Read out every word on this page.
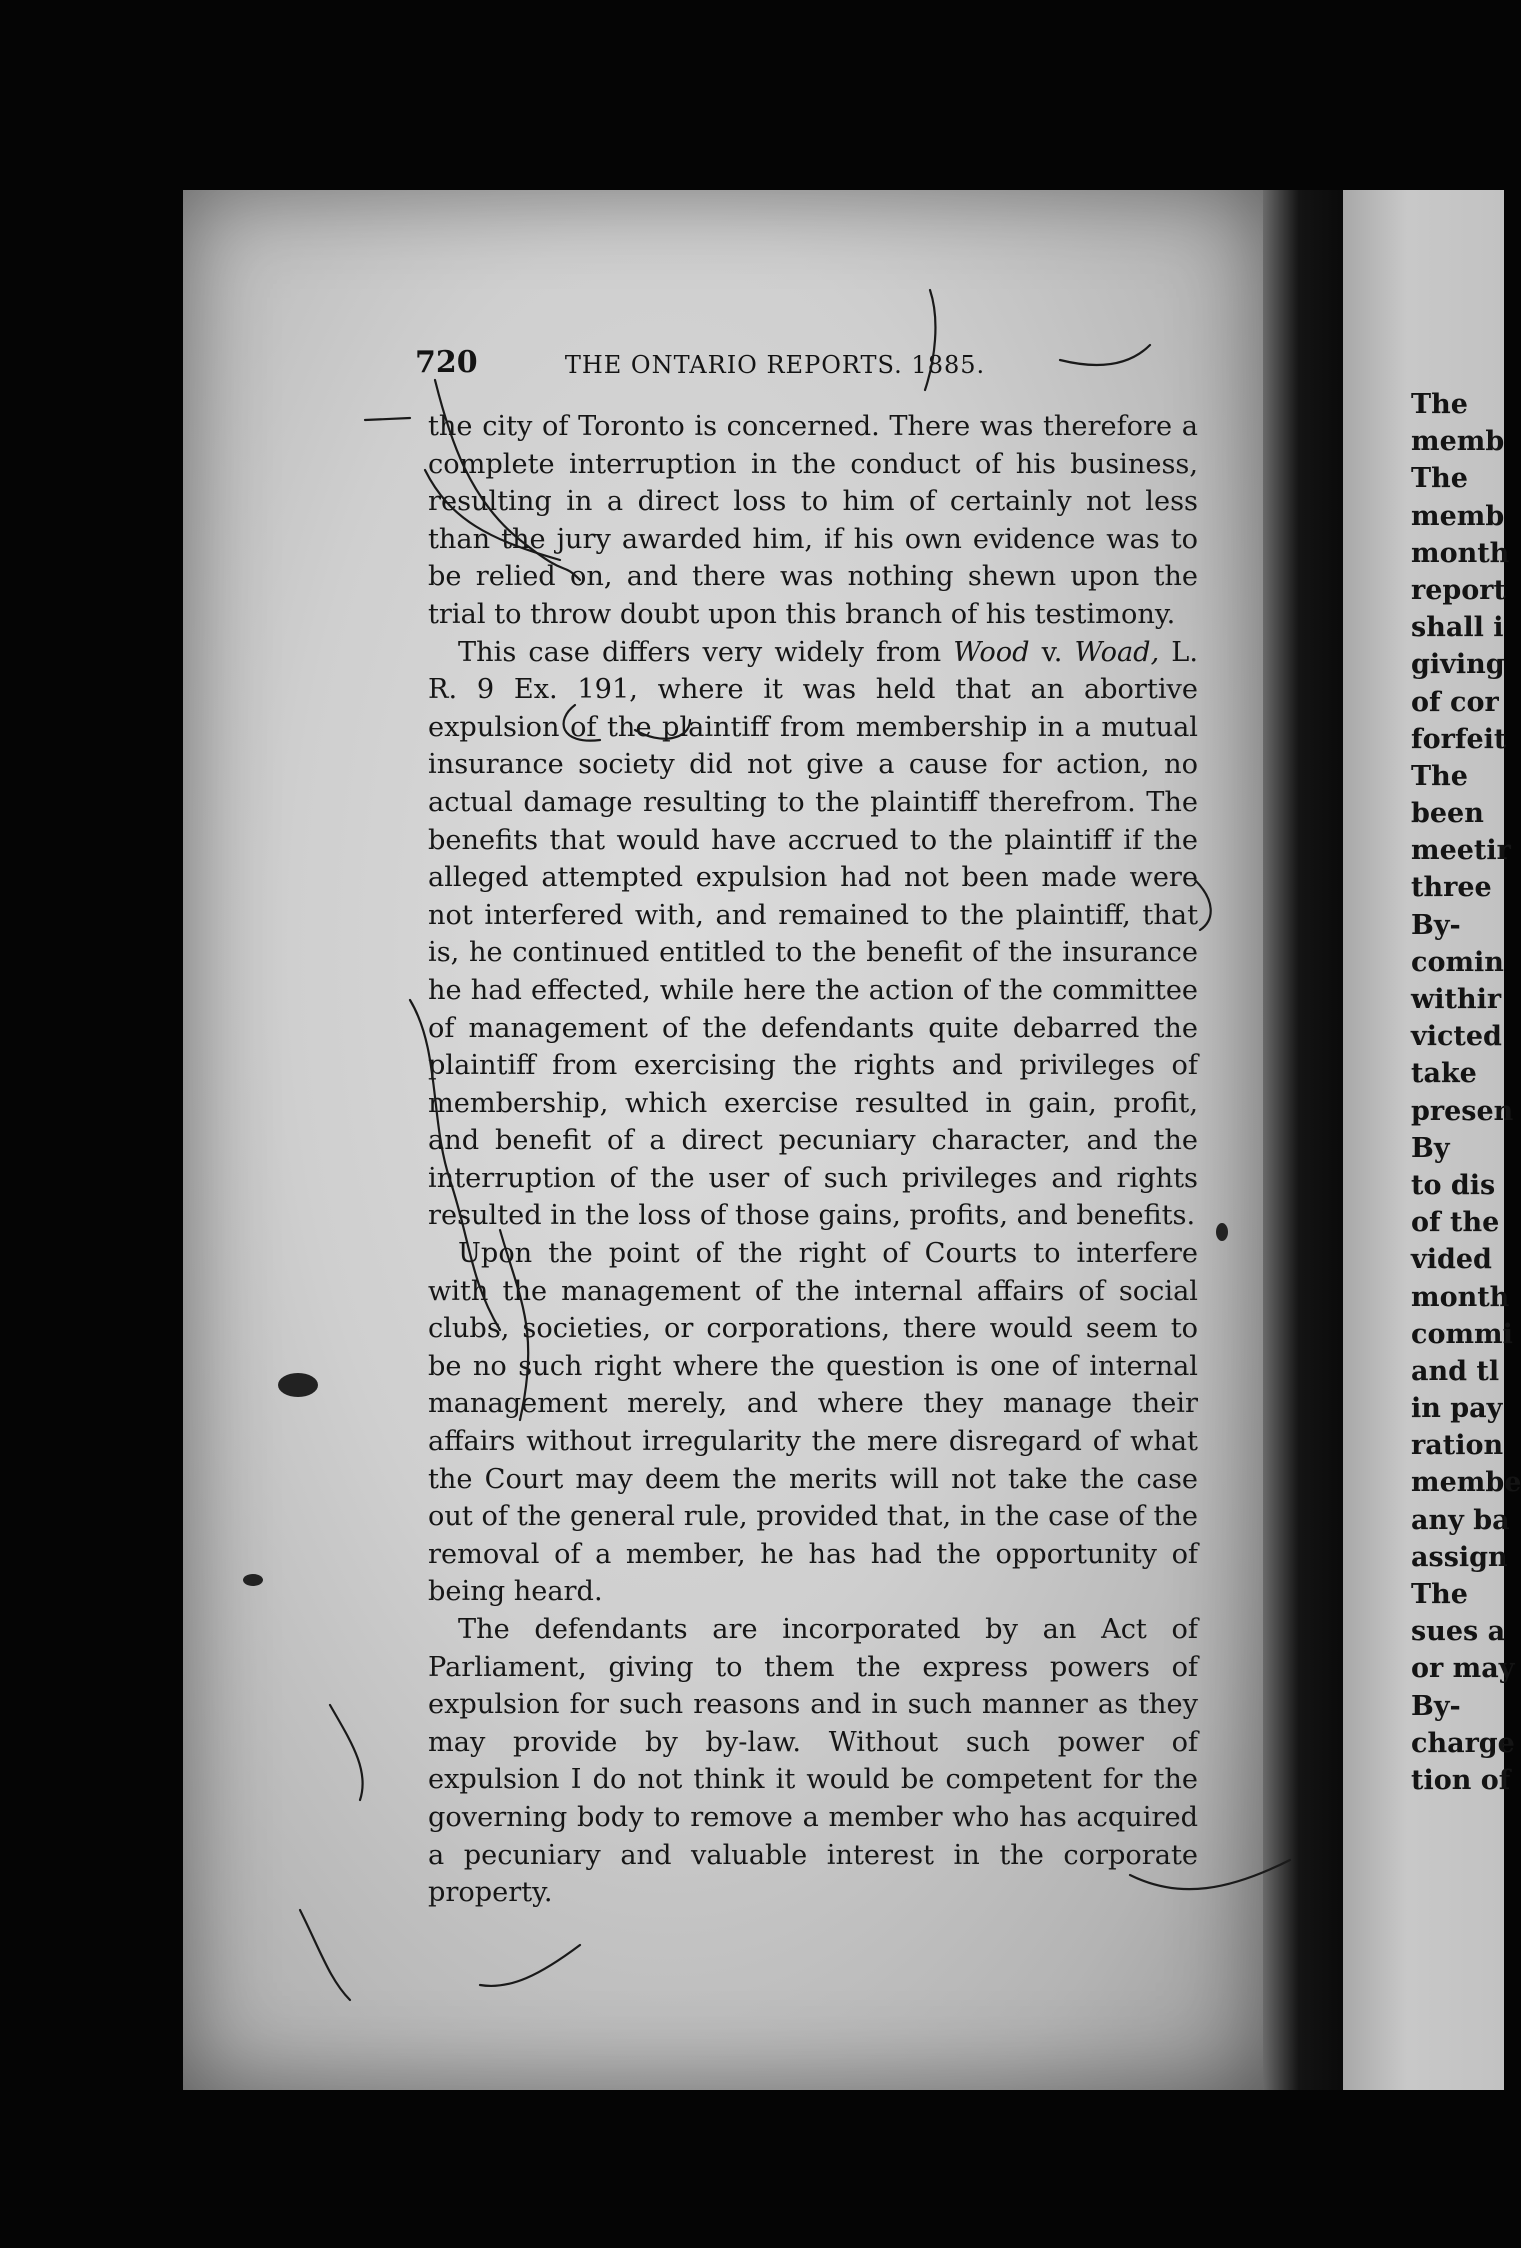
720	THE ONTARIO REPORTS. 1885.

the city of Toronto is concerned. There was therefore a complete interruption in the conduct of his business, resulting in a direct loss to him of certainly not less than the jury awarded him, if his own evidence was to be relied on, and there was nothing shewn upon the trial to throw doubt upon this branch of his testimony.

This case differs very widely from Wood v. Woad, L. R. 9 Ex. 191, where it was held that an abortive expulsion of the plaintiff from membership in a mutual insurance society did not give a cause for action, no actual damage resulting to the plaintiff therefrom. The benefits that would have accrued to the plaintiff if the alleged attempted expulsion had not been made were not interfered with, and remained to the plaintiff, that is, he continued entitled to the benefit of the insurance he had effected, while here the action of the committee of management of the defendants quite debarred the plaintiff from exercising the rights and privileges of membership, which exercise resulted in gain, profit, and benefit of a direct pecuniary character, and the interruption of the user of such privileges and rights resulted in the loss of those gains, profits, and benefits.

Upon the point of the right of Courts to interfere with the management of the internal affairs of social clubs, societies, or corporations, there would seem to be no such right where the question is one of internal management merely, and where they manage their affairs without irregularity the mere disregard of what the Court may deem the merits will not take the case out of the general rule, provided that, in the case of the removal of a member, he has had the opportunity of being heard.

The defendants are incorporated by an Act of Parliament, giving to them the express powers of expulsion for such reasons and in such manner as they may provide by by-law. Without such power of expulsion I do not think it would be competent for the governing body to remove a member who has acquired a pecuniary and valuable interest in the corporate property.

The
memb
The
memb
month
report
shall i
giving
of cor
forfeit
The
been
meetir
three
By-
comin
withir
victed
take
presen
By
to dis
of the
vided
month
commi
and tl
in pay
ration
membe
any ba
assign
The
sues a
or may
By-
charge
tion of
